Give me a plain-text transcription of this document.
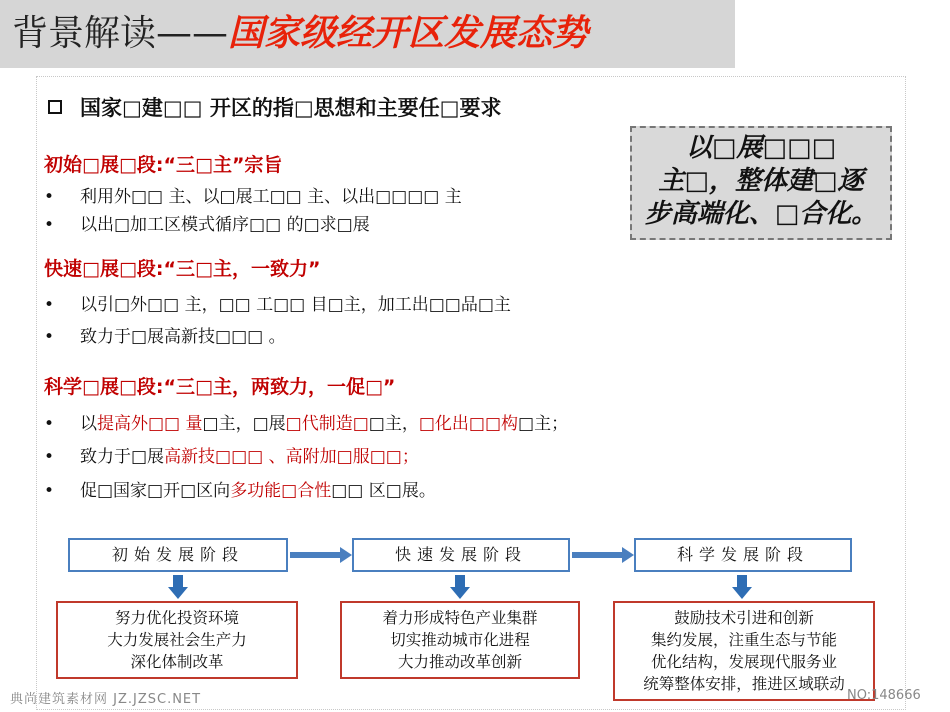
背景解读——国家级经开区发展态势
国家□建□□ 开区的指□思想和主要任□要求
以□展□□□
主□，整体建□逐
步高端化、□合化。
初始□展□段:“三□主”宗旨
• 利用外□□ 主、以□展工□□ 主、以出□□□□ 主
• 以出□加工区模式循序□□ 的□求□展
快速□展□段:“三□主，一致力”
• 以引□外□□ 主，□□ 工□□ 目□主，加工出□□品□主
• 致力于□展高新技□□□ 。
科学□展□段:“三□主，两致力，一促□”
• 以提高外□□ 量□主，□展□代制造□□主，□化出□□构□主；
• 致力于□展高新技□□□ 、高附加□服□□；
• 促□国家□开□区向多功能□合性□□ 区□展。
初始发展阶段	快速发展阶段	科学发展阶段
努力优化投资环境
大力发展社会生产力
深化体制改革
着力形成特色产业集群
切实推动城市化进程
大力推动改革创新
鼓励技术引进和创新
集约发展，注重生态与节能
优化结构，发展现代服务业
统筹整体安排，推进区域联动
典尚建筑素材网 JZ.JZSC.NET	NO:148666
